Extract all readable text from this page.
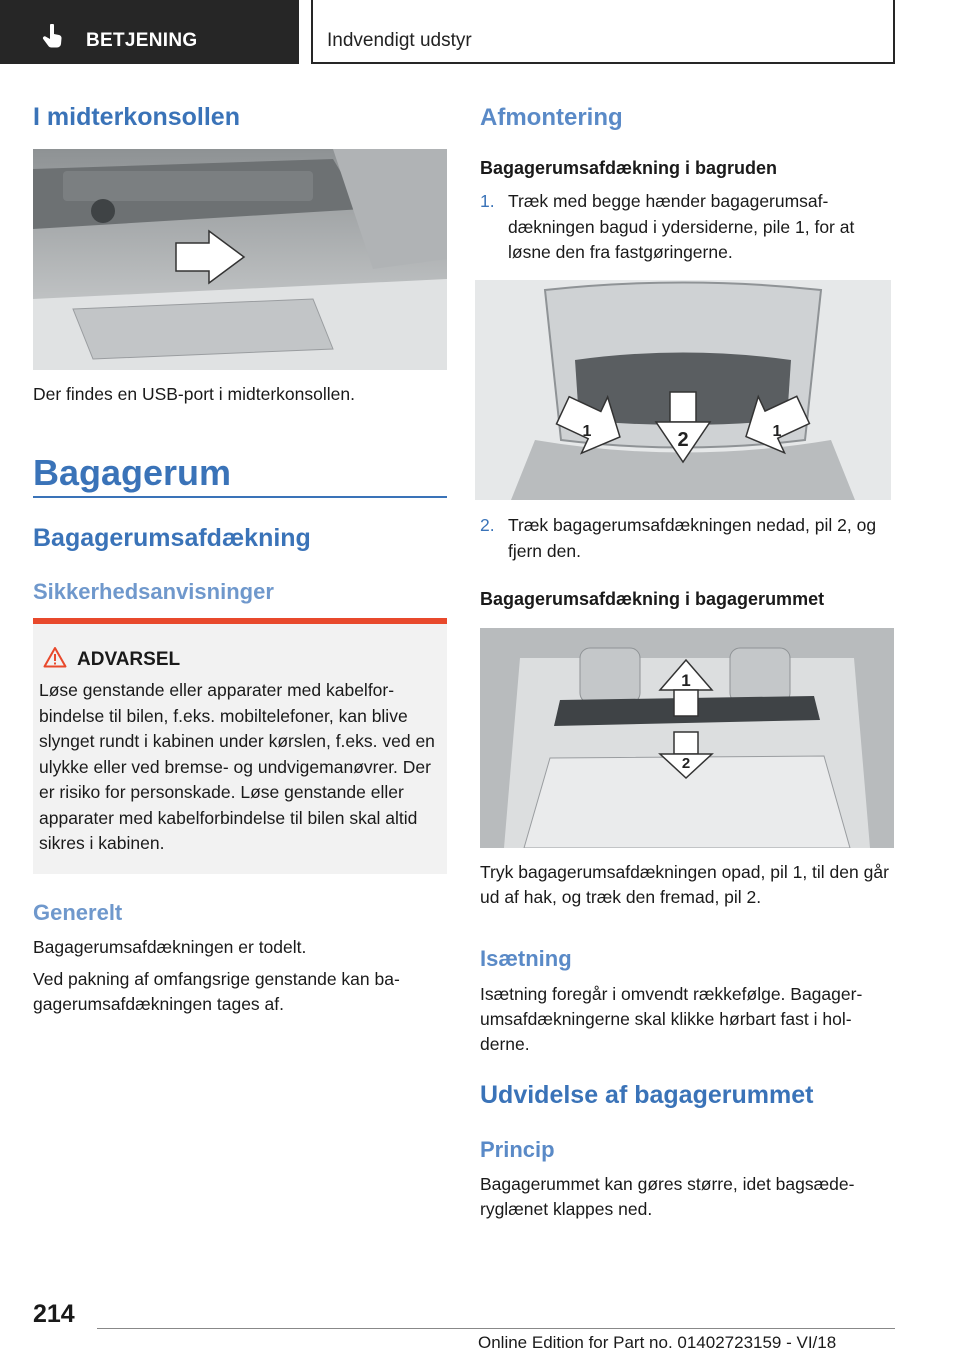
BETJENING	Indvendigt udstyr
I midterkonsollen

Der findes en USB-port i midterkonsollen.

Bagagerum
Bagagerumsafdækning
Sikkerhedsanvisninger
ADVARSEL
Løse genstande eller apparater med kabelforbindelse til bilen, f.eks. mobiltelefoner, kan blive slynget rundt i kabinen under kørslen, f.eks. ved en ulykke eller ved bremse- og undvigemanøvrer. Der er risiko for personskade. Løse genstande eller apparater med kabelforbindelse til bilen skal altid sikres i kabinen.
Generelt

Bagagerumsafdækningen er todelt.

Ved pakning af omfangsrige genstande kan bagagerumsafdækningen tages af.

Afmontering

Bagagerumsafdækning i bagruden

1. Træk med begge hænder bagagerumsafdækningen bagud i ydersiderne, pile 1, for at løsne den fra fastgøringerne.
2
1	1
2. Træk bagagerumsafdækningen nedad, pil 2, og fjern den.

Bagagerumsafdækning i bagagerummet

1
2

Tryk bagagerumsafdækningen opad, pil 1, til den går ud af hak, og træk den fremad, pil 2.

Isætning

Isætning foregår i omvendt rækkefølge. Bagagerumsafdækningerne skal klikke hørbart fast i holderne.

Udvidelse af bagagerummet
Princip

Bagagerummet kan gøres større, idet bagsæderyglænet klappes ned.

214
Online Edition for Part no. 01402723159 - VI/18
